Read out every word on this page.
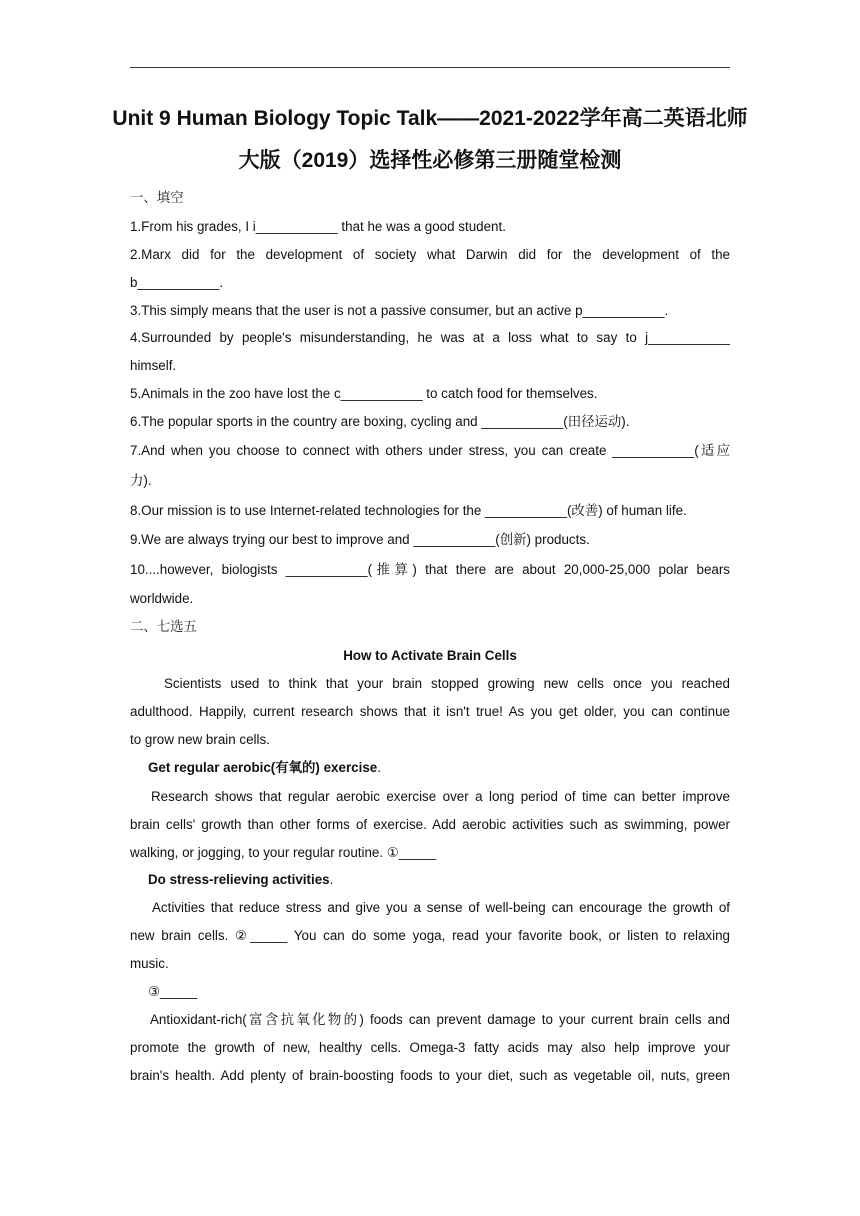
Unit 9 Human Biology Topic Talk——2021-2022学年高二英语北师
大版（2019）选择性必修第三册随堂检测
一、填空
1.From his grades, I i___________ that he was a good student.
2.Marx did for the development of society what Darwin did for the development of the
b___________.
3.This simply means that the user is not a passive consumer, but an active p___________.
4.Surrounded by people's misunderstanding, he was at a loss what to say to j___________
himself.
5.Animals in the zoo have lost the c___________ to catch food for themselves.
6.The popular sports in the country are boxing, cycling and ___________(田径运动).
7.And when you choose to connect with others under stress, you can create ___________(适应
力).
8.Our mission is to use Internet-related technologies for the ___________(改善) of human life.
9.We are always trying our best to improve and ___________(创新) products.
10....however, biologists ___________(推算) that there are about 20,000-25,000 polar bears
worldwide.
二、七选五
How to Activate Brain Cells
Scientists used to think that your brain stopped growing new cells once you reached
adulthood. Happily, current research shows that it isn't true! As you get older, you can continue
to grow new brain cells.
Get regular aerobic(有氧的) exercise.
Research shows that regular aerobic exercise over a long period of time can better improve
brain cells' growth than other forms of exercise. Add aerobic activities such as swimming, power
walking, or jogging, to your regular routine. ①_____
Do stress-relieving activities.
Activities that reduce stress and give you a sense of well-being can encourage the growth of
new brain cells. ②_____ You can do some yoga, read your favorite book, or listen to relaxing
music.
③_____
Antioxidant-rich(富含抗氧化物的) foods can prevent damage to your current brain cells and
promote the growth of new, healthy cells. Omega-3 fatty acids may also help improve your
brain's health. Add plenty of brain-boosting foods to your diet, such as vegetable oil, nuts, green
